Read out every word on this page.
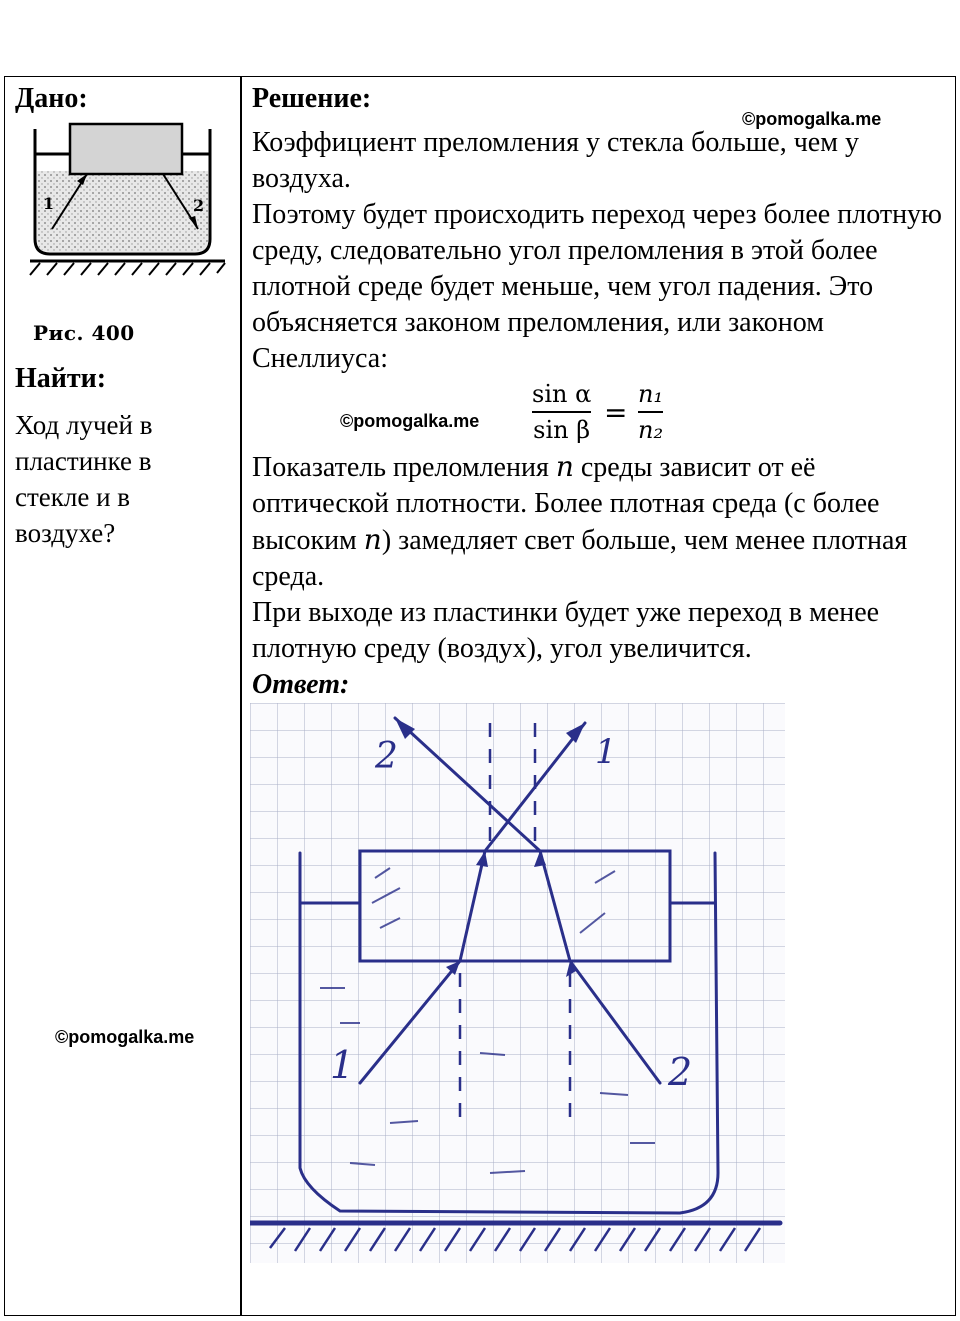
Дано:
1	2
Рис. 400
Найти:
Ход лучей в пластинке в стекле и в воздухе?
©pomogalka.me
Решение:
©pomogalka.me

Коэффициент преломления у стекла больше, чем у воздуха.

Поэтому будет происходить переход через более плотную среду, следовательно угол преломления в этой более плотной среде будет меньше, чем угол падения. Это объясняется законом преломления, или законом Снеллиуса:

©pomogalka.me
sin α
sin β
=
n₁
n₂

Показатель преломления n среды зависит от её оптической плотности. Более плотная среда (с более высоким n) замедляет свет больше, чем менее плотная среда.

При выходе из пластинки будет уже переход в менее плотную среду (воздух), угол увеличится.

Ответ:

2	1
1	2
